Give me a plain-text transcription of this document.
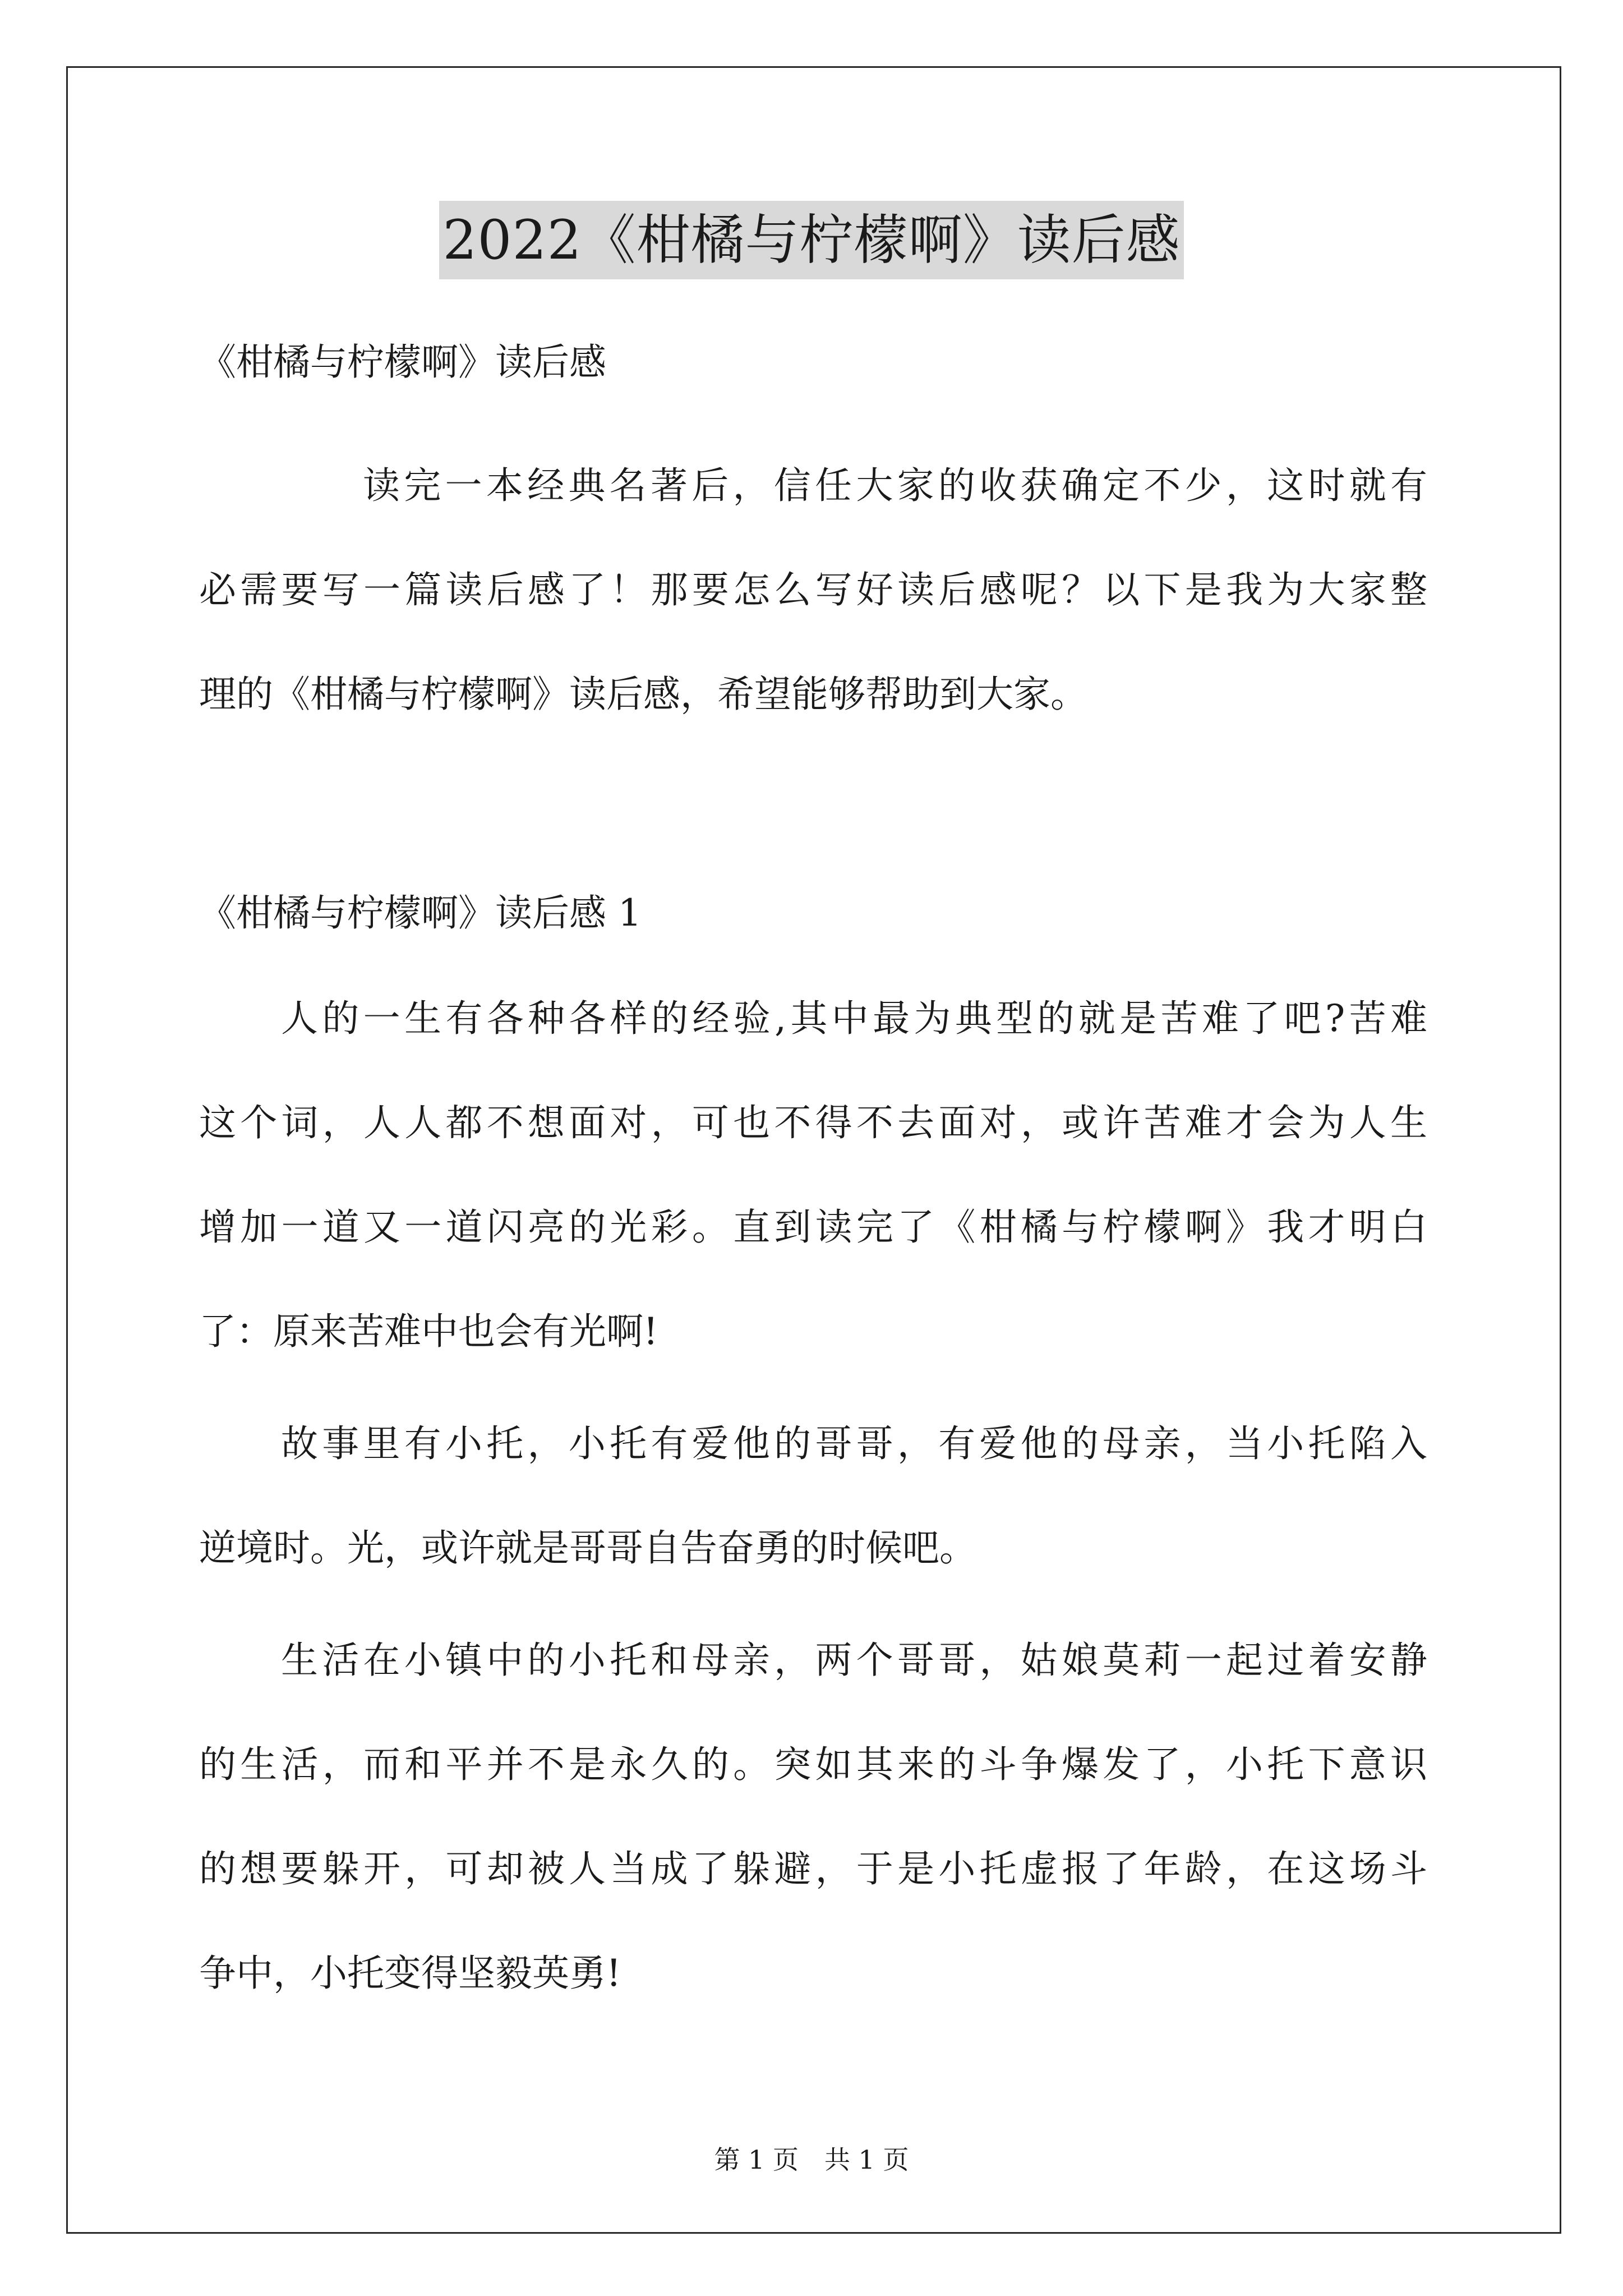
2022《柑橘与柠檬啊》读后感
《柑橘与柠檬啊》读后感
读完一本经典名著后，信任大家的收获确定不少，这时就有
必需要写一篇读后感了！那要怎么写好读后感呢？以下是我为大家整
理的《柑橘与柠檬啊》读后感，希望能够帮助到大家。
《柑橘与柠檬啊》读后感 1
人的一生有各种各样的经验,其中最为典型的就是苦难了吧?苦难
这个词，人人都不想面对，可也不得不去面对，或许苦难才会为人生
增加一道又一道闪亮的光彩。直到读完了《柑橘与柠檬啊》我才明白
了：原来苦难中也会有光啊!
故事里有小托，小托有爱他的哥哥，有爱他的母亲，当小托陷入
逆境时。光，或许就是哥哥自告奋勇的时候吧。
生活在小镇中的小托和母亲，两个哥哥，姑娘莫莉一起过着安静
的生活，而和平并不是永久的。突如其来的斗争爆发了，小托下意识
的想要躲开，可却被人当成了躲避，于是小托虚报了年龄，在这场斗
争中，小托变得坚毅英勇!
第 1 页　共 1 页
